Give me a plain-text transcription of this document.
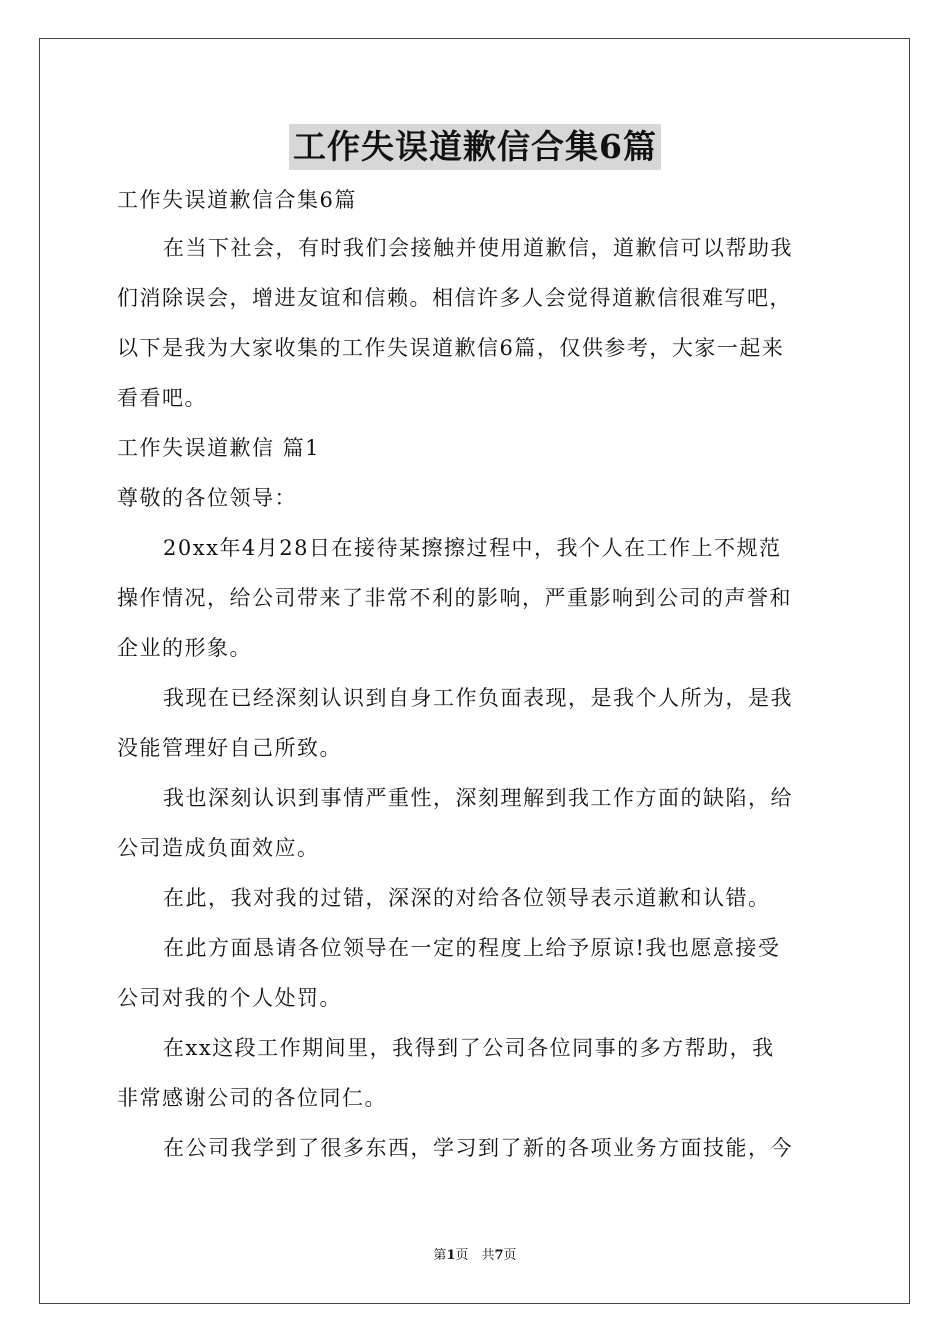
工作失误道歉信合集6篇
工作失误道歉信合集6篇
在当下社会，有时我们会接触并使用道歉信，道歉信可以帮助我
们消除误会，增进友谊和信赖。相信许多人会觉得道歉信很难写吧，
以下是我为大家收集的工作失误道歉信6篇，仅供参考，大家一起来
看看吧。
工作失误道歉信 篇1
尊敬的各位领导：
20xx年4月28日在接待某擦擦过程中，我个人在工作上不规范
操作情况，给公司带来了非常不利的影响，严重影响到公司的声誉和
企业的形象。
我现在已经深刻认识到自身工作负面表现，是我个人所为，是我
没能管理好自己所致。
我也深刻认识到事情严重性，深刻理解到我工作方面的缺陷，给
公司造成负面效应。
在此，我对我的过错，深深的对给各位领导表示道歉和认错。
在此方面恳请各位领导在一定的程度上给予原谅!我也愿意接受
公司对我的个人处罚。
在xx这段工作期间里，我得到了公司各位同事的多方帮助，我
非常感谢公司的各位同仁。
在公司我学到了很多东西，学习到了新的各项业务方面技能，今
第1页　共7页
